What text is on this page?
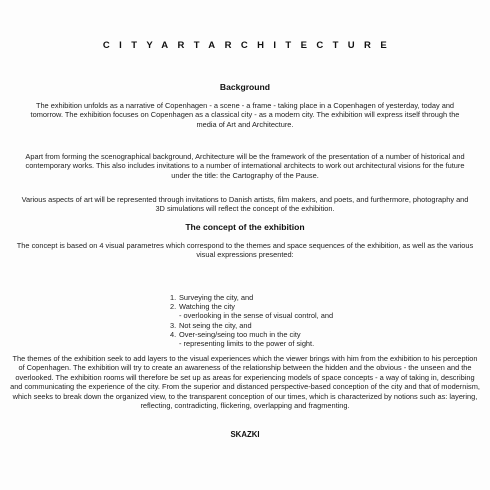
CITYARTARCHITECTURE
Background
The exhibition unfolds as a narrative of Copenhagen - a scene - a frame - taking place in a Copenhagen of yesterday, today and tomorrow. The exhibition focuses on Copenhagen as a classical city - as a modern city. The exhibition will express itself through the media of Art and Architecture.
Apart from forming the scenographical background, Architecture will be the framework of the presentation of a number of historical and contemporary works. This also includes invitations to a number of international architects to work out architectural visions for the future under the title: the Cartography of the Pause.
Various aspects of art will be represented through invitations to Danish artists, film makers, and poets, and furthermore, photography and 3D simulations will reflect the concept of the exhibition.
The concept of the exhibition
The concept is based on 4 visual parametres which correspond to the themes and space sequences of the exhibition, as well as the various visual expressions presented:
1. Surveying the city, and
2. Watching the city
- overlooking in the sense of visual control, and
3. Not seing the city, and
4. Over-seing/seing too much in the city
- representing limits to the power of sight.
The themes of the exhibition seek to add layers to the visual experiences which the viewer brings with him from the exhibition to his perception of Copenhagen. The exhibition will try to create an awareness of the relationship between the hidden and the obvious - the unseen and the overlooked. The exhibition rooms will therefore be set up as areas for experiencing models of space concepts - a way of taking in, describing and communicating the experience of the city. From the superior and distanced perspective-based conception of the city and that of modernism, which seeks to break down the organized view, to the transparent conception of our times, which is characterized by notions such as: layering, reflecting, contradicting, flickering, overlapping and fragmenting.
SKAZKI
